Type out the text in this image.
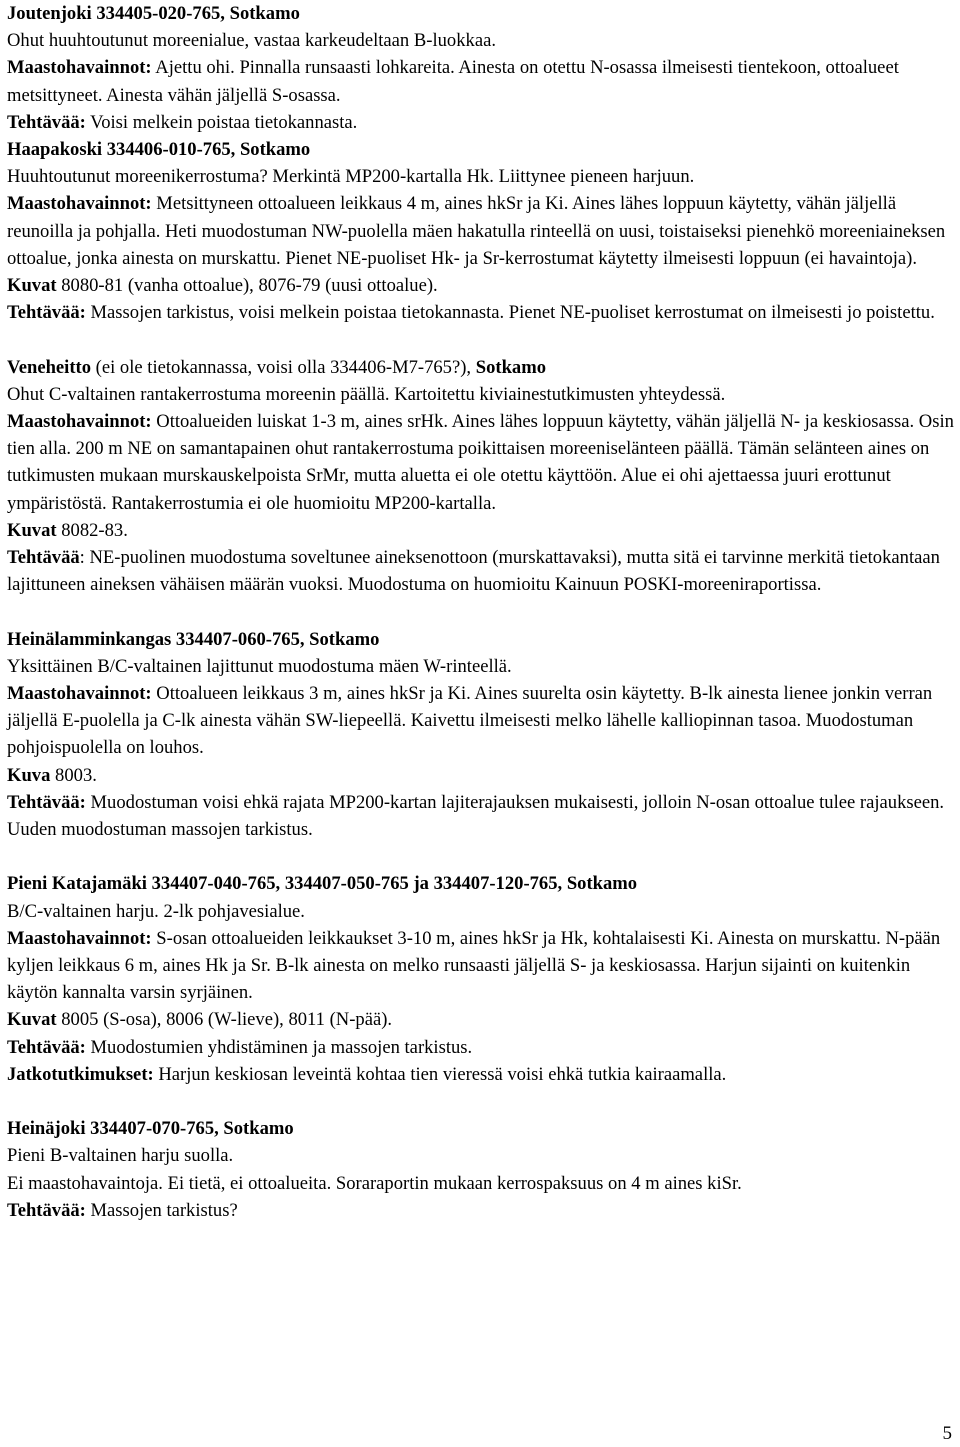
Joutenjoki 334405-020-765, Sotkamo

Ohut huuhtoutunut moreenialue, vastaa karkeudeltaan B-luokkaa.

Maastohavainnot: Ajettu ohi. Pinnalla runsaasti lohkareita. Ainesta on otettu N-osassa ilmeisesti tientekoon, ottoalueet metsittyneet. Ainesta vähän jäljellä S-osassa.

Tehtävää: Voisi melkein poistaa tietokannasta.

Haapakoski 334406-010-765, Sotkamo

Huuhtoutunut moreenikerrostuma? Merkintä MP200-kartalla Hk. Liittynee pieneen harjuun.

Maastohavainnot: Metsittyneen ottoalueen leikkaus 4 m, aines hkSr ja Ki. Aines lähes loppuun käytetty, vähän jäljellä reunoilla ja pohjalla. Heti muodostuman NW-puolella mäen hakatulla rinteellä on uusi, toistaiseksi pienehkö moreeniaineksen ottoalue, jonka ainesta on murskattu. Pienet NE-puoliset Hk- ja Sr-kerrostumat käytetty ilmeisesti loppuun (ei havaintoja).

Kuvat 8080-81 (vanha ottoalue), 8076-79 (uusi ottoalue).

Tehtävää: Massojen tarkistus, voisi melkein poistaa tietokannasta. Pienet NE-puoliset kerrostumat on ilmeisesti jo poistettu.

Veneheitto (ei ole tietokannassa, voisi olla 334406-M7-765?), Sotkamo

Ohut C-valtainen rantakerrostuma moreenin päällä. Kartoitettu kiviainestutkimusten yhteydessä.

Maastohavainnot: Ottoalueiden luiskat 1-3 m, aines srHk. Aines lähes loppuun käytetty, vähän jäljellä N- ja keskiosassa. Osin tien alla. 200 m NE on samantapainen ohut rantakerrostuma poikittaisen moreeniselänteen päällä. Tämän selänteen aines on tutkimusten mukaan murskauskelpoista SrMr, mutta aluetta ei ole otettu käyttöön. Alue ei ohi ajettaessa juuri erottunut ympäristöstä. Rantakerrostumia ei ole huomioitu MP200-kartalla.

Kuvat 8082-83.

Tehtävää: NE-puolinen muodostuma soveltunee aineksenottoon (murskattavaksi), mutta sitä ei tarvinne merkitä tietokantaan lajittuneen aineksen vähäisen määrän vuoksi. Muodostuma on huomioitu Kainuun POSKI-moreeniraportissa.

Heinälamminkangas 334407-060-765, Sotkamo

Yksittäinen B/C-valtainen lajittunut muodostuma mäen W-rinteellä.

Maastohavainnot: Ottoalueen leikkaus 3 m, aines hkSr ja Ki. Aines suurelta osin käytetty. B-lk ainesta lienee jonkin verran jäljellä E-puolella ja C-lk ainesta vähän SW-liepeellä. Kaivettu ilmeisesti melko lähelle kalliopinnan tasoa. Muodostuman pohjoispuolella on louhos.

Kuva 8003.

Tehtävää: Muodostuman voisi ehkä rajata MP200-kartan lajiterajauksen mukaisesti, jolloin N-osan ottoalue tulee rajaukseen. Uuden muodostuman massojen tarkistus.

Pieni Katajamäki 334407-040-765, 334407-050-765 ja 334407-120-765, Sotkamo

B/C-valtainen harju. 2-lk pohjavesialue.

Maastohavainnot: S-osan ottoalueiden leikkaukset 3-10 m, aines hkSr ja Hk, kohtalaisesti Ki. Ainesta on murskattu. N-pään kyljen leikkaus 6 m, aines Hk ja Sr. B-lk ainesta on melko runsaasti jäljellä S- ja keskiosassa. Harjun sijainti on kuitenkin käytön kannalta varsin syrjäinen.

Kuvat 8005 (S-osa), 8006 (W-lieve), 8011 (N-pää).

Tehtävää: Muodostumien yhdistäminen ja massojen tarkistus.

Jatkotutkimukset: Harjun keskiosan leveintä kohtaa tien vieressä voisi ehkä tutkia kairaamalla.

Heinäjoki 334407-070-765, Sotkamo

Pieni B-valtainen harju suolla.

Ei maastohavaintoja. Ei tietä, ei ottoalueita. Soraraportin mukaan kerrospaksuus on 4 m aines kiSr.

Tehtävää: Massojen tarkistus?

5
